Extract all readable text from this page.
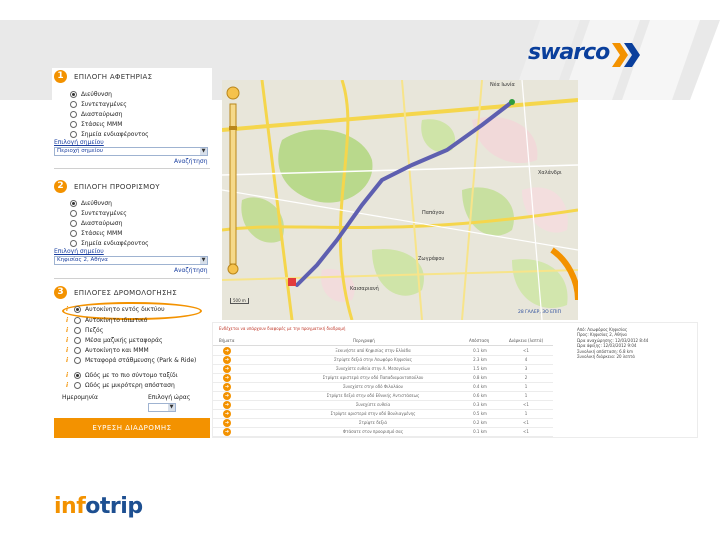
swarco
1	ΕΠΙΛΟΓΗ ΑΦΕΤΗΡΙΑΣ
Διεύθυνση
Συντεταγμένες
Διασταύρωση
Στάσεις ΜΜΜ
Σημεία ενδιαφέροντος
Επιλογή σημείου
Περιοχή σημείου	▼
Αναζήτηση
2	ΕΠΙΛΟΓΗ ΠΡΟΟΡΙΣΜΟΥ
Διεύθυνση
Συντεταγμένες
Διασταύρωση
Στάσεις ΜΜΜ
Σημεία ενδιαφέροντος
Επιλογή σημείου
Κηφισίας 2, Αθήνα	▼
Αναζήτηση
3	ΕΠΙΛΟΓΕΣ ΔΡΟΜΟΛΟΓΗΣΗΣ
i	Αυτοκίνητο εντός δικτύου
i	Αυτοκίνητο ιδιωτικό
i	Πεζός
i	Μέσα μαζικής μεταφοράς
i	Αυτοκίνητο και ΜΜΜ
i	Μεταφορά στάθμευσης (Park & Ride)
i	Ωδός με το πιο σύντομο ταξίδι
i	Ωδός με μικρότερη απόσταση
Ημερομηνία	Επιλογή ώρας
▼
ΕΥΡΕΣΗ ΔΙΑΔΡΟΜΗΣ
Νέα Ιωνία
Χαλάνδρι
Παπάγου
Ζωγράφου
Καισαριανή
28 ΓΑΛΕΡ, 3Ο ΕΠΙΠ
500 m
Ενδέχεται να υπάρχουν διαφορές με την πραγματική διαδρομή
Βήματα	Περιγραφή	Απόσταση	Διάρκεια (λεπτά)
➜	Ξεκινήστε από Κηφισίας στην Ελλάδα	0.1 km	<1
➜	Στρίψτε δεξιά στην Λεωφόρο Κηφισίας	2.3 km	4
➜	Συνεχίστε ευθεία στην Λ. Μεσογείων	1.5 km	3
➜	Στρίψτε αριστερά στην οδό Παπαδιαμαντοπούλου	0.8 km	2
➜	Συνεχίστε στην οδό Φιλολάου	0.4 km	1
➜	Στρίψτε δεξιά στην οδό Εθνικής Αντιστάσεως	0.6 km	1
➜	Συνεχίστε ευθεία	0.3 km	<1
➜	Στρίψτε αριστερά στην οδό Βουλιαγμένης	0.5 km	1
➜	Στρίψτε δεξιά	0.2 km	<1
➜	Φτάσατε στον προορισμό σας	0.1 km	<1
Από: Λεωφόρος Κηφισίας
Προς: Κηφισίας 2, Αθήνα
Ώρα αναχώρησης: 12/03/2012 8:44
Ώρα άφιξης: 12/03/2012 9:04
Συνολική απόσταση: 6.8 km
Συνολική διάρκεια: 20 λεπτά
infotrip
